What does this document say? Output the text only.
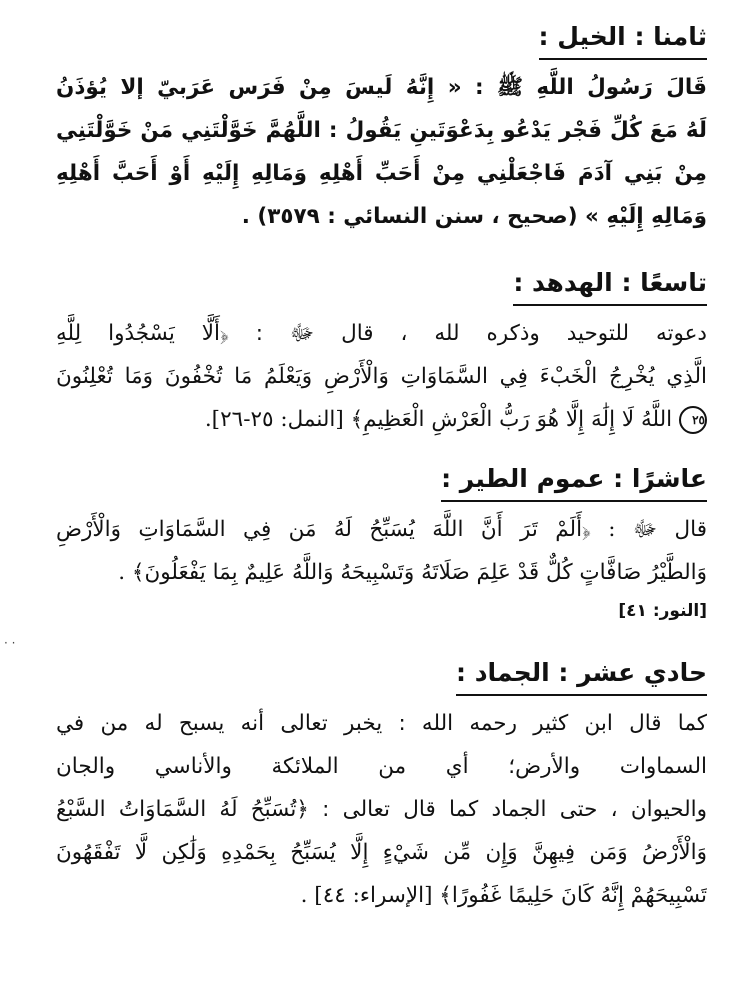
ثامنا : الخيل :
قَالَ رَسُولُ اللَّهِ ﷺ : « إِنَّهُ لَيسَ مِنْ فَرَس عَرَبيّ إلا يُؤذَنُ
لَهُ مَعَ كُلِّ فَجْر يَدْعُو بِدَعْوَتَينِ يَقُولُ : اللَّهُمَّ خَوَّلْتَنِي مَنْ خَوَّلْتَنِي
مِنْ بَنِي آدَمَ فَاجْعَلْنِي مِنْ أَحَبِّ أَهْلِهِ وَمَالِهِ إِلَيْهِ أَوْ أَحَبَّ أَهْلِهِ
وَمَالِهِ إِلَيْهِ » (صحيح ، سنن النسائي : ٣٥٧٩) .
تاسعًا : الهدهد :
دعوته للتوحيد وذكره لله ، قال ﷻ : ﴿أَلَّا يَسْجُدُوا لِلَّهِ
الَّذِي يُخْرِجُ الْخَبْءَ فِي السَّمَاوَاتِ وَالْأَرْضِ وَيَعْلَمُ مَا تُخْفُونَ وَمَا تُعْلِنُونَ
٢٥ اللَّهُ لَا إِلَٰهَ إِلَّا هُوَ رَبُّ الْعَرْشِ الْعَظِيمِ﴾ [النمل: ٢٥-٢٦].
عاشرًا : عموم الطير :
قال ﷻ : ﴿أَلَمْ تَرَ أَنَّ اللَّهَ يُسَبِّحُ لَهُ مَن فِي السَّمَاوَاتِ وَالْأَرْضِ
وَالطَّيْرُ صَافَّاتٍ كُلٌّ قَدْ عَلِمَ صَلَاتَهُ وَتَسْبِيحَهُ وَاللَّهُ عَلِيمٌ بِمَا يَفْعَلُونَ﴾ .
[النور: ٤١]
حادي عشر : الجماد :
كما قال ابن كثير رحمه الله : يخبر تعالى أنه يسبح له من في
السماوات والأرض؛ أي من الملائكة والأناسي والجان
والحيوان ، حتى الجماد كما قال تعالى : ﴿تُسَبِّحُ لَهُ السَّمَاوَاتُ السَّبْعُ
وَالْأَرْضُ وَمَن فِيهِنَّ وَإِن مِّن شَيْءٍ إِلَّا يُسَبِّحُ بِحَمْدِهِ وَلَٰكِن لَّا تَفْقَهُونَ
تَسْبِيحَهُمْ إِنَّهُ كَانَ حَلِيمًا غَفُورًا﴾ [الإسراء: ٤٤] .
· ·
